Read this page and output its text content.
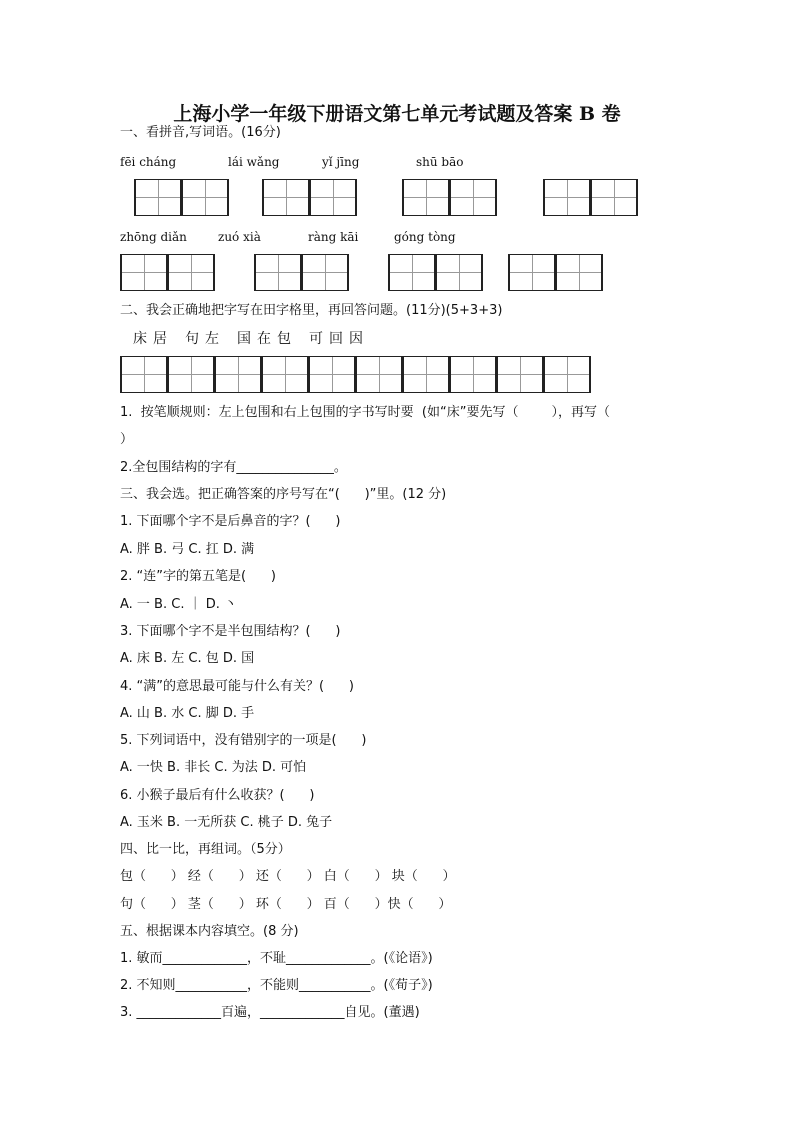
上海小学一年级下册语文第七单元考试题及答案 B 卷
一、看拼音,写词语。(16分)
fēi cháng	lái wǎng	yǐ jīng	shū bāo
zhōng diǎn	zuó xià	ràng kāi	góng tòng
二、我会正确地把字写在田字格里，再回答问题。(11分)(5+3+3)
床 居 句 左 国 在 包 可 回 因
1.  按笔顺规则：左上包围和右上包围的字书写时要  (如“床”要先写（        ），再写（
）
2.全包围结构的字有_______________。
三、我会选。把正确答案的序号写在“(      )”里。(12 分)
1. 下面哪个字不是后鼻音的字？(      )
A. 胖 B. 弓 C. 扛 D. 满
2. “连”字的第五笔是(      )
A. 一 B. C. ｜ D. 丶
3. 下面哪个字不是半包围结构？(      )
A. 床 B. 左 C. 包 D. 国
4. “满”的意思最可能与什么有关？(      )
A. 山 B. 水 C. 脚 D. 手
5. 下列词语中，没有错别字的一项是(      )
A. 一快 B. 非长 C. 为法 D. 可怕
6. 小猴子最后有什么收获？(      )
A. 玉米 B. 一无所获 C. 桃子 D. 兔子
四、比一比，再组词。（5分）
包（      ） 经（      ） 还（      ） 白（      ） 块（      ）
句（      ） 茎（      ） 环（      ） 百（      ）快（      ）
五、根据课本内容填空。(8 分)
1. 敏而_____________，不耻_____________。(《论语》)
2. 不知则___________，不能则___________。(《荀子》)
3. _____________百遍，_____________自见。(董遇)
